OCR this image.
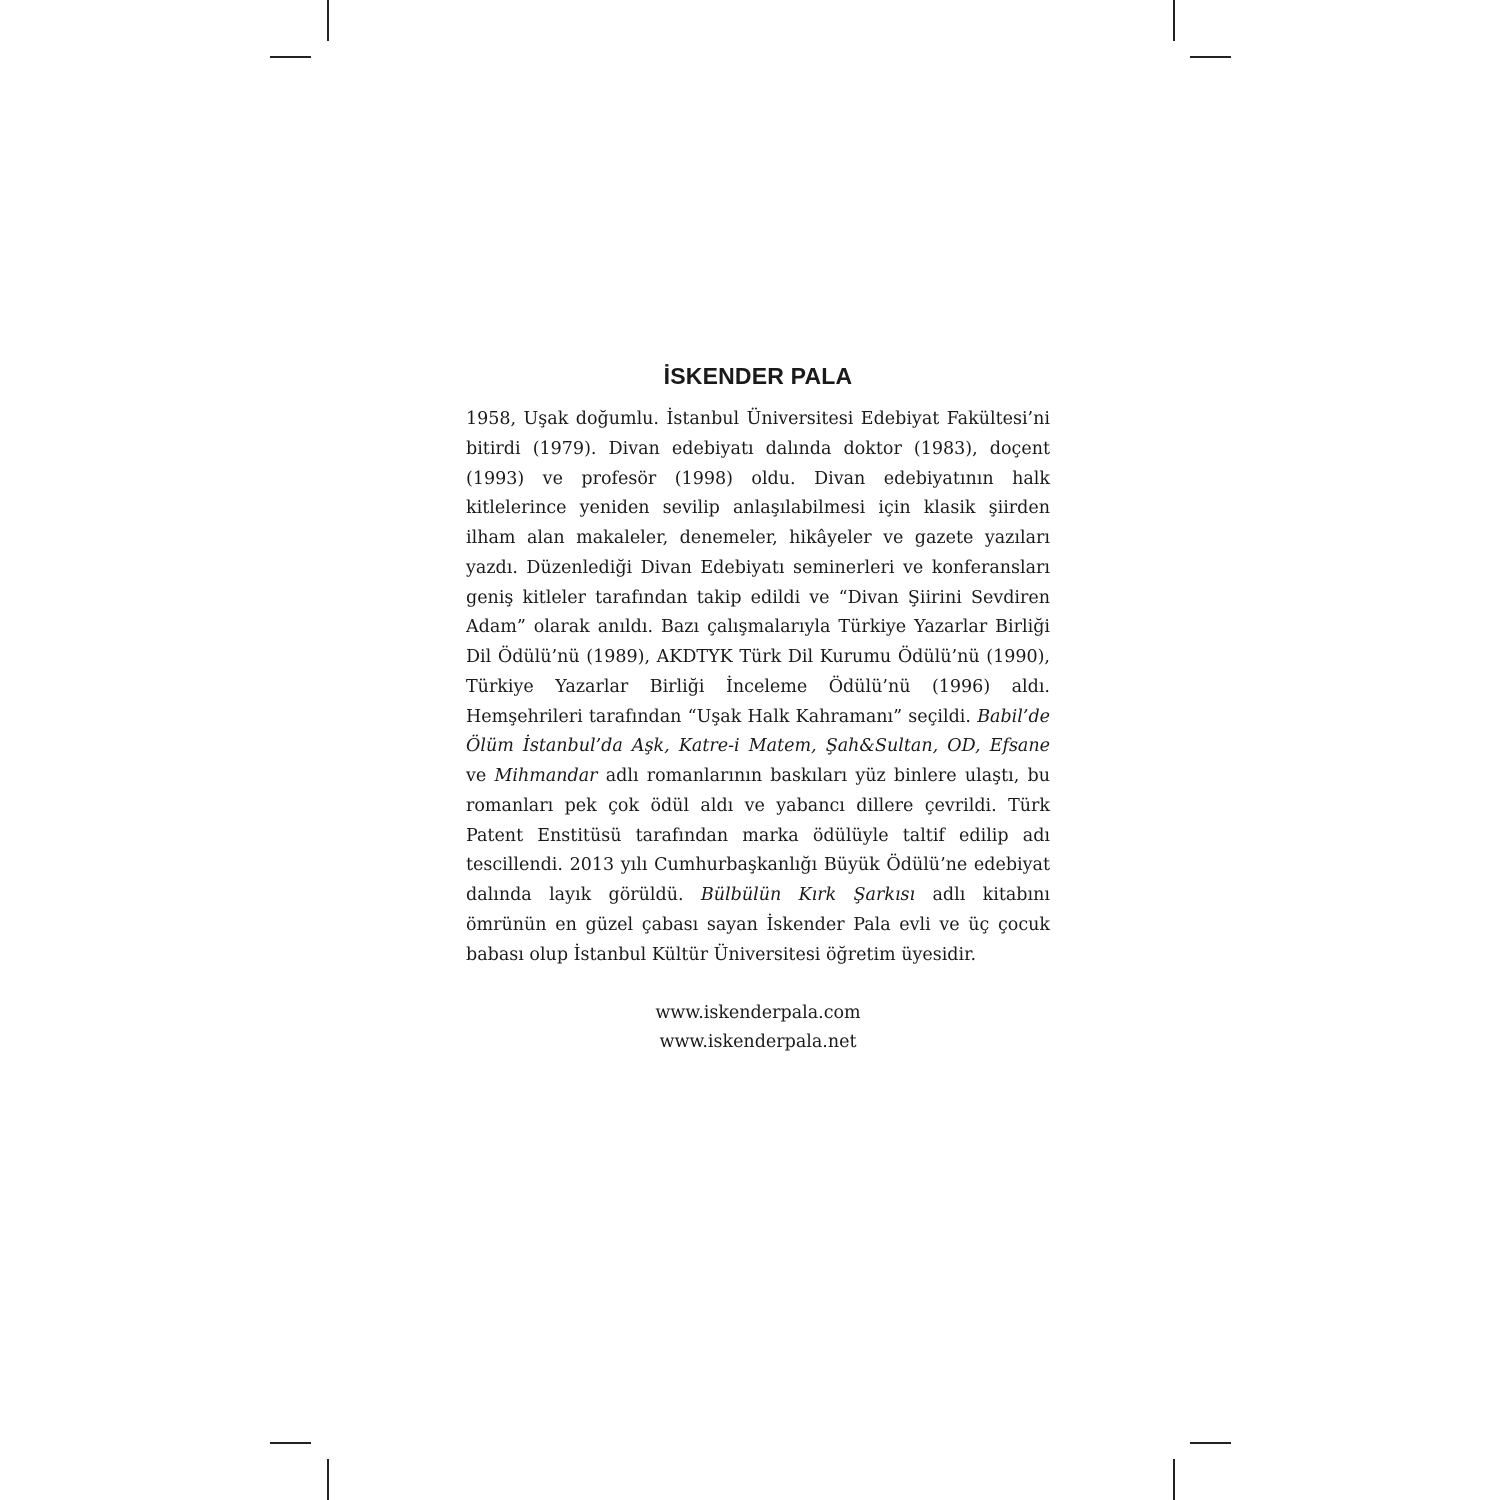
İSKENDER PALA

1958, Uşak doğumlu. İstanbul Üniversitesi Edebiyat Fakültesi’ni bitirdi (1979). Divan edebiyatı dalında doktor (1983), doçent (1993) ve profesör (1998) oldu. Divan edebiyatının halk kitlelerince yeniden sevilip anlaşılabilmesi için klasik şiirden ilham alan makaleler, denemeler, hikâyeler ve gazete yazıları yazdı. Düzenlediği Divan Edebiyatı seminerleri ve konferansları geniş kitleler tarafından takip edildi ve “Divan Şiirini Sevdiren Adam” olarak anıldı. Bazı çalışmalarıyla Türkiye Yazarlar Birliği Dil Ödülü’nü (1989), AKDTYK Türk Dil Kurumu Ödülü’nü (1990), Türkiye Yazarlar Birliği İnceleme Ödülü’nü (1996) aldı. Hemşehrileri tarafından “Uşak Halk Kahramanı” seçildi. Babil’de Ölüm İstanbul’da Aşk, Katre-i Matem, Şah&Sultan, OD, Efsane ve Mihmandar adlı romanlarının baskıları yüz binlere ulaştı, bu romanları pek çok ödül aldı ve yabancı dillere çevrildi. Türk Patent Enstitüsü tarafından marka ödülüyle taltif edilip adı tescillendi. 2013 yılı Cumhurbaşkanlığı Büyük Ödülü’ne edebiyat dalında layık görüldü. Bülbülün Kırk Şarkısı adlı kitabını ömrünün en güzel çabası sayan İskender Pala evli ve üç çocuk babası olup İstanbul Kültür Üniversitesi öğretim üyesidir.

www.iskenderpala.com
www.iskenderpala.net
